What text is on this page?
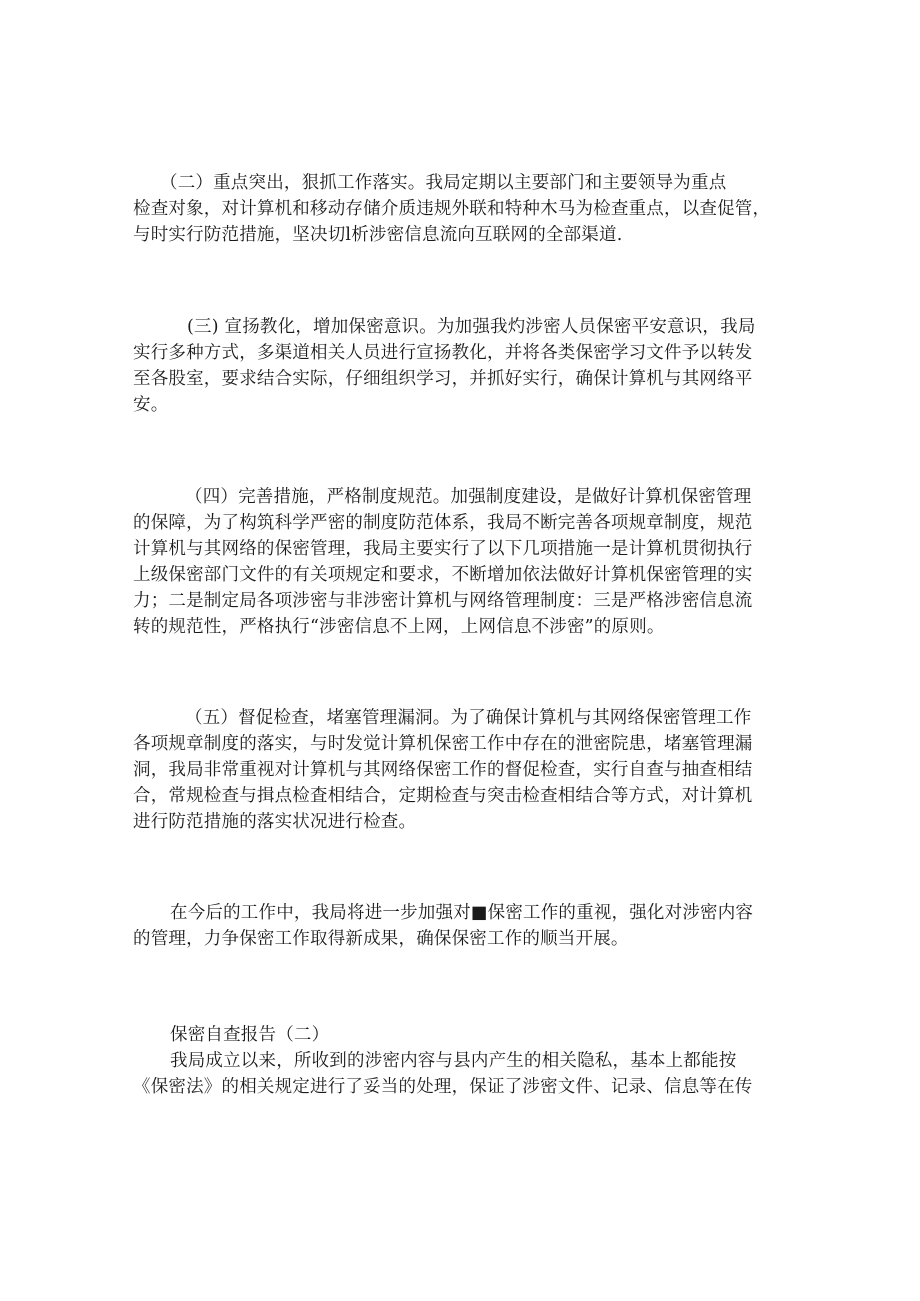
（二）重点突出，狠抓工作落实。我局定期以主要部门和主要领导为重点
检查对象，对计算机和移动存储介质违规外联和特种木马为检查重点，以查促管，
与时实行防范措施，坚决切l析涉密信息流向互联网的全部渠道.
(三) 宣扬教化，增加保密意识。为加强我灼涉密人员保密平安意识，我局
实行多种方式，多渠道相关人员进行宣扬教化，并将各类保密学习文件予以转发
至各股室，要求结合实际，仔细组织学习，并抓好实行，确保计算机与其网络平
安。
（四）完善措施，严格制度规范。加强制度建设，是做好计算机保密管理
的保障，为了构筑科学严密的制度防范体系，我局不断完善各项规章制度，规范
计算机与其网络的保密管理，我局主要实行了以下几项措施一是计算机贯彻执行
上级保密部门文件的有关项规定和要求，不断增加依法做好计算机保密管理的实
力；二是制定局各项涉密与非涉密计算机与网络管理制度：三是严格涉密信息流
转的规范性，严格执行“涉密信息不上网，上网信息不涉密”的原则。
（五）督促检查，堵塞管理漏洞。为了确保计算机与其网络保密管理工作
各项规章制度的落实，与时发觉计算机保密工作中存在的泄密院患，堵塞管理漏
洞，我局非常重视对计算机与其网络保密工作的督促检查，实行自查与抽查相结
合，常规检查与揖点检査相结合，定期检查与突击检查相结合等方式，对计算机
进行防范措施的落实状况进行检查。
在今后的工作中，我局将进一步加强对■保密工作的重视，强化对涉密内容
的管理，力争保密工作取得新成果，确保保密工作的顺当开展。
保密自查报告（二）
我局成立以来，所收到的涉密内容与县内产生的相关隐私，基本上都能按
《保密法》的相关规定进行了妥当的处理，保证了涉密文件、记录、信息等在传
